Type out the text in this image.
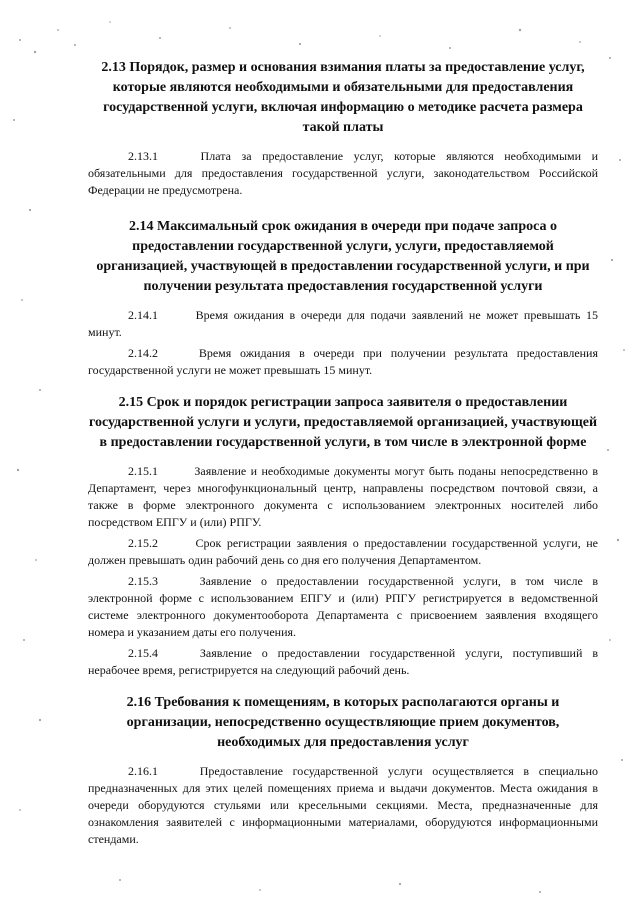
2.13 Порядок, размер и основания взимания платы за предоставление услуг, которые являются необходимыми и обязательными для предоставления государственной услуги, включая информацию о методике расчета размера такой платы
2.13.1	Плата за предоставление услуг, которые являются необходимыми и обязательными для предоставления государственной услуги, законодательством Российской Федерации не предусмотрена.
2.14 Максимальный срок ожидания в очереди при подаче запроса о предоставлении государственной услуги, услуги, предоставляемой организацией, участвующей в предоставлении государственной услуги, и при получении результата предоставления государственной услуги
2.14.1	Время ожидания в очереди для подачи заявлений не может превышать 15 минут.
2.14.2	Время ожидания в очереди при получении результата предоставления государственной услуги не может превышать 15 минут.
2.15 Срок и порядок регистрации запроса заявителя о предоставлении государственной услуги и услуги, предоставляемой организацией, участвующей в предоставлении государственной услуги, в том числе в электронной форме
2.15.1	Заявление и необходимые документы могут быть поданы непосредственно в Департамент, через многофункциональный центр, направлены посредством почтовой связи, а также в форме электронного документа с использованием электронных носителей либо посредством ЕПГУ и (или) РПГУ.
2.15.2	Срок регистрации заявления о предоставлении государственной услуги, не должен превышать один рабочий день со дня его получения Департаментом.
2.15.3	Заявление о предоставлении государственной услуги, в том числе в электронной форме с использованием ЕПГУ и (или) РПГУ регистрируется в ведомственной системе электронного документооборота Департамента с присвоением заявления входящего номера и указанием даты его получения.
2.15.4	Заявление о предоставлении государственной услуги, поступивший в нерабочее время, регистрируется на следующий рабочий день.
2.16 Требования к помещениям, в которых располагаются органы и организации, непосредственно осуществляющие прием документов, необходимых для предоставления услуг
2.16.1	Предоставление государственной услуги осуществляется в специально предназначенных для этих целей помещениях приема и выдачи документов. Места ожидания в очереди оборудуются стульями или кресельными секциями. Места, предназначенные для ознакомления заявителей с информационными материалами, оборудуются информационными стендами.
